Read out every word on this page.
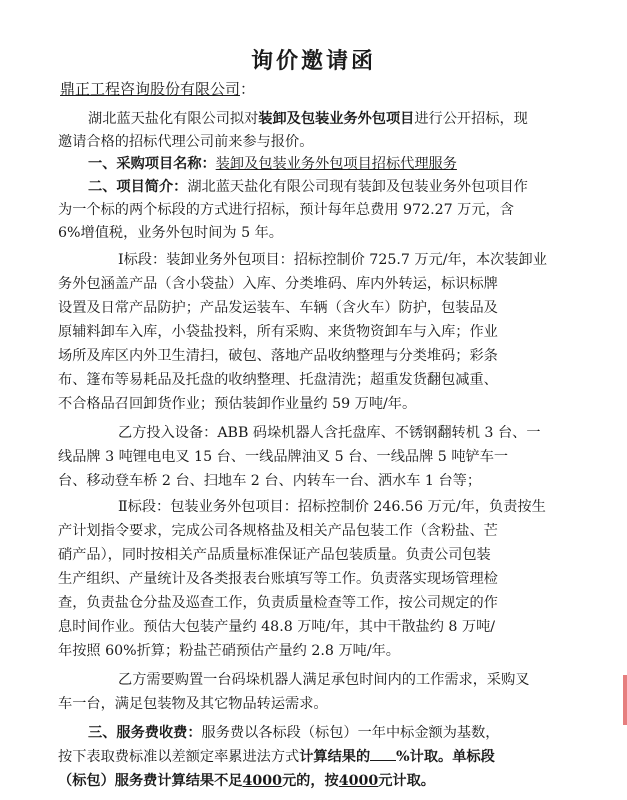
询价邀请函
鼎正工程咨询股份有限公司：
湖北蓝天盐化有限公司拟对装卸及包装业务外包项目进行公开招标，现
邀请合格的招标代理公司前来参与报价。
一、采购项目名称：装卸及包装业务外包项目招标代理服务
二、项目简介：湖北蓝天盐化有限公司现有装卸及包装业务外包项目作
为一个标的两个标段的方式进行招标，预计每年总费用 972.27 万元，含
6%增值税，业务外包时间为 5 年。
Ⅰ标段：装卸业务外包项目：招标控制价 725.7 万元/年，本次装卸业
务外包涵盖产品（含小袋盐）入库、分类堆码、库内外转运，标识标牌
设置及日常产品防护；产品发运装车、车辆（含火车）防护，包装品及
原辅料卸车入库，小袋盐投料，所有采购、来货物资卸车与入库；作业
场所及库区内外卫生清扫，破包、落地产品收纳整理与分类堆码；彩条
布、篷布等易耗品及托盘的收纳整理、托盘清洗；超重发货翻包减重、
不合格品召回卸货作业；预估装卸作业量约 59 万吨/年。
乙方投入设备：ABB 码垛机器人含托盘库、不锈钢翻转机 3 台、一
线品牌 3 吨锂电电叉 15 台、一线品牌油叉 5 台、一线品牌 5 吨铲车一
台、移动登车桥 2 台、扫地车 2 台、内转车一台、洒水车 1 台等；
Ⅱ标段：包装业务外包项目：招标控制价 246.56 万元/年，负责按生
产计划指令要求，完成公司各规格盐及相关产品包装工作（含粉盐、芒
硝产品），同时按相关产品质量标准保证产品包装质量。负责公司包装
生产组织、产量统计及各类报表台账填写等工作。负责落实现场管理检
查，负责盐仓分盐及巡查工作，负责质量检查等工作，按公司规定的作
息时间作业。预估大包装产量约 48.8 万吨/年，其中干散盐约 8 万吨/
年按照 60%折算；粉盐芒硝预估产量约 2.8 万吨/年。
乙方需要购置一台码垛机器人满足承包时间内的工作需求，采购叉
车一台，满足包装物及其它物品转运需求。
三、服务费收费：服务费以各标段（标包）一年中标金额为基数，
按下表取费标准以差额定率累进法方式计算结果的 %计取。单标段
（标包）服务费计算结果不足4000元的，按4000元计取。
